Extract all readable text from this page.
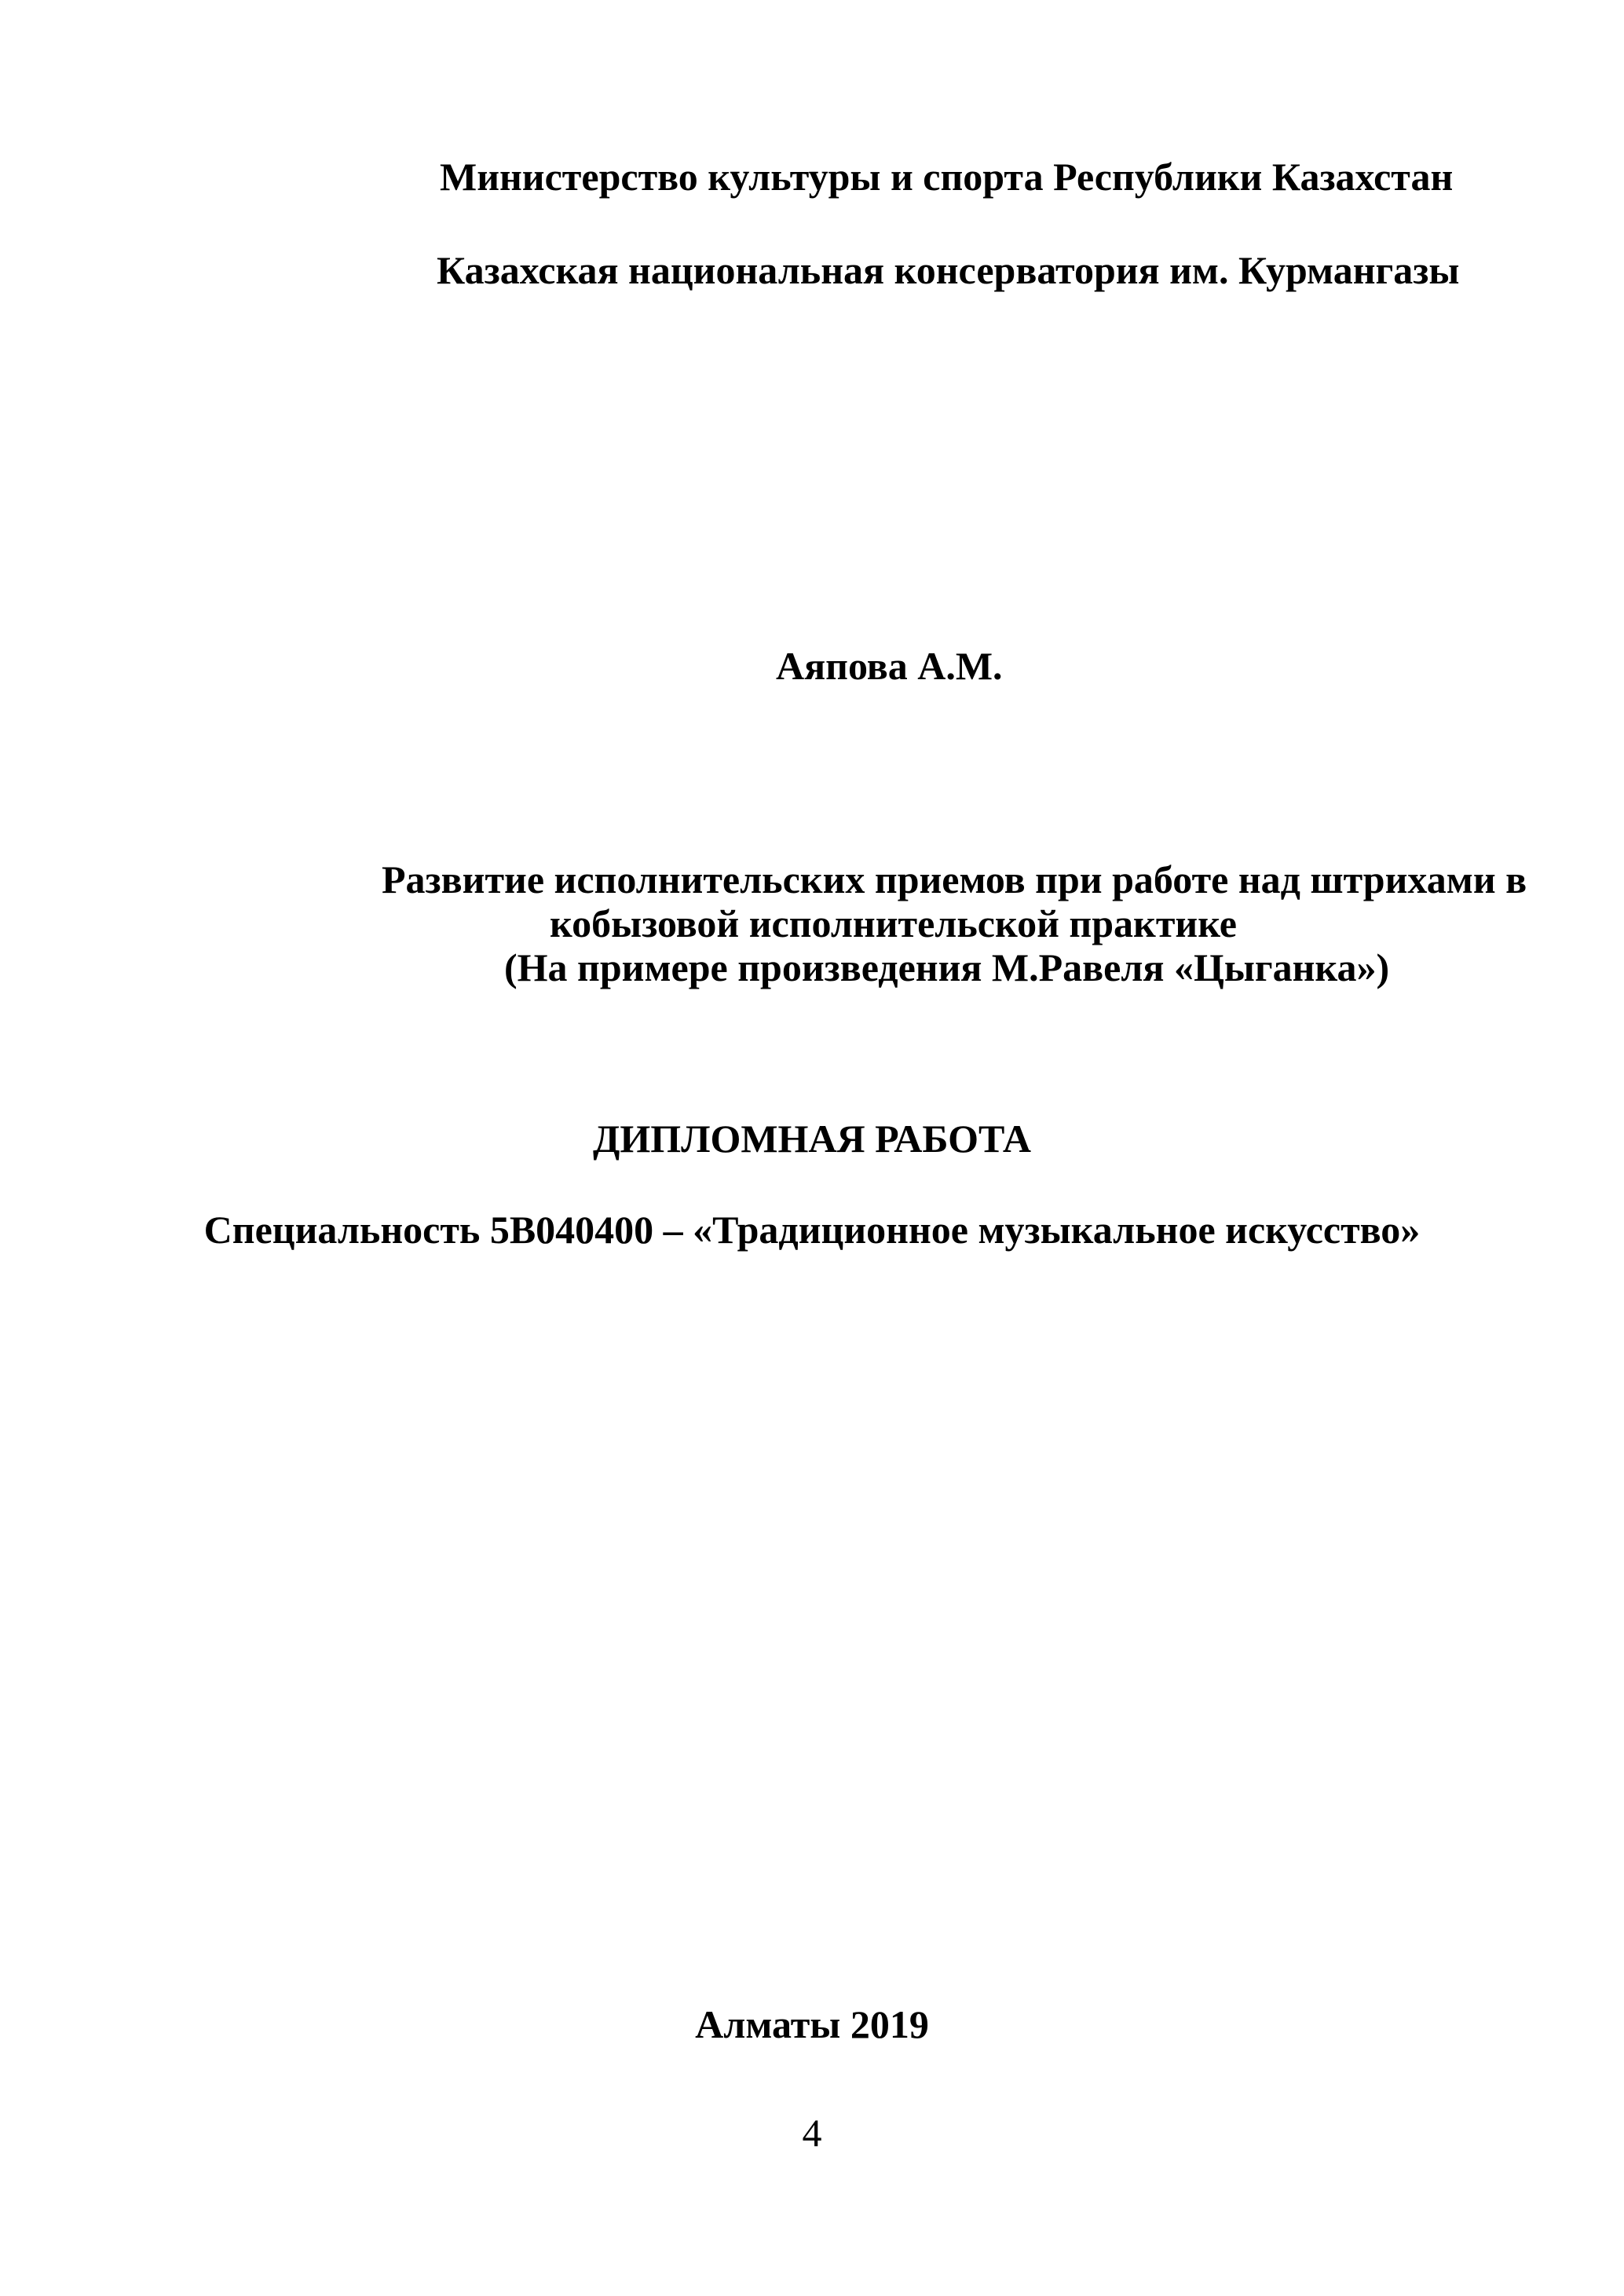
Министерство культуры и спорта Республики Казахстан
Казахская национальная консерватория им. Курмангазы
Аяпова А.М.
Развитие исполнительских приемов при работе над штрихами в
кобызовой исполнительской практике
(На примере произведения М.Равеля «Цыганка»)
ДИПЛОМНАЯ РАБОТА
Специальность 5В040400 – «Традиционное музыкальное искусство»
Алматы 2019
4
